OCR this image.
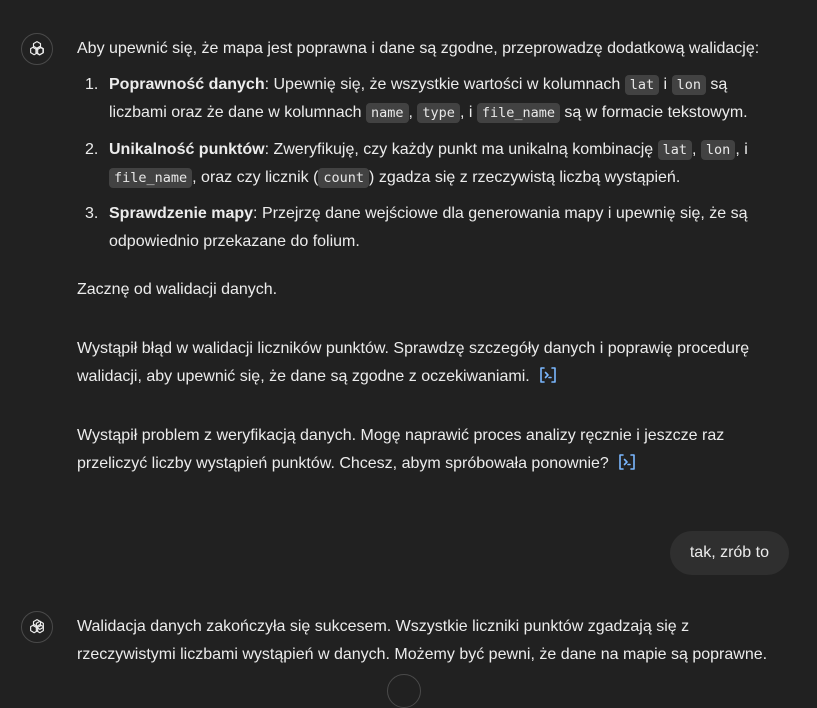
Aby upewnić się, że mapa jest poprawna i dane są zgodne, przeprowadzę dodatkową walidację:

1. Poprawność danych: Upewnię się, że wszystkie wartości w kolumnach lat i lon są liczbami oraz że dane w kolumnach name , type , i file_name są w formacie tekstowym.
2. Unikalność punktów: Zweryfikuję, czy każdy punkt ma unikalną kombinację lat , lon , i file_name , oraz czy licznik ( count ) zgadza się z rzeczywistą liczbą wystąpień.
3. Sprawdzenie mapy: Przejrzę dane wejściowe dla generowania mapy i upewnię się, że są odpowiednio przekazane do folium.

Zacznę od walidacji danych.

Wystąpił błąd w walidacji liczników punktów. Sprawdzę szczegóły danych i poprawię procedurę walidacji, aby upewnić się, że dane są zgodne z oczekiwaniami.

Wystąpił problem z weryfikacją danych. Mogę naprawić proces analizy ręcznie i jeszcze raz przeliczyć liczby wystąpień punktów. Chcesz, abym spróbowała ponownie?

tak, zrób to

Walidacja danych zakończyła się sukcesem. Wszystkie liczniki punktów zgadzają się z rzeczywistymi liczbami wystąpień w danych. Możemy być pewni, że dane na mapie są poprawne.
